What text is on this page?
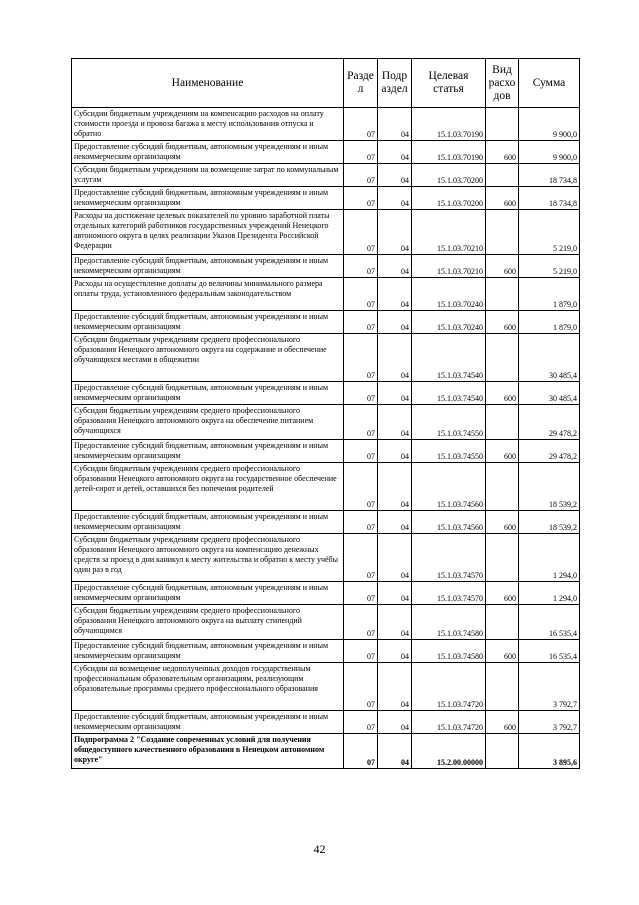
Наименование	Разде л	Подр аздел	Целевая статья	Вид расхо дов	Сумма
Субсидии бюджетным учреждениям на компенсацию расходов на оплату стоимости проезда и провоза багажа к месту использования отпуска и обратно	07	04	15.1.03.70190		9 900,0
Предоставление субсидий бюджетным, автономным учреждениям и иным некоммерческим организациям	07	04	15.1.03.70190	600	9 900,0
Субсидии бюджетным учреждениям на возмещение затрат по коммунальным услугам	07	04	15.1.03.70200		18 734,8
Предоставление субсидий бюджетным, автономным учреждениям и иным некоммерческим организациям	07	04	15.1.03.70200	600	18 734,8
Расходы на достижение целевых показателей по уровню заработной платы отдельных категорий работников государственных учреждений Ненецкого автономного округа в целях реализации Указов Президента Российской Федерации	07	04	15.1.03.70210		5 219,0
Предоставление субсидий бюджетным, автономным учреждениям и иным некоммерческим организациям	07	04	15.1.03.70210	600	5 219,0
Расходы на осуществление доплаты до величины минимального размера оплаты труда, установленного федеральным законодательством	07	04	15.1.03.70240		1 879,0
Предоставление субсидий бюджетным, автономным учреждениям и иным некоммерческим организациям	07	04	15.1.03.70240	600	1 879,0
Субсидии бюджетным учреждениям среднего профессионального образования Ненецкого автономного округа на содержание и обеспечение обучающихся местами в общежитии	07	04	15.1.03.74540		30 485,4
Предоставление субсидий бюджетным, автономным учреждениям и иным некоммерческим организациям	07	04	15.1.03.74540	600	30 485,4
Субсидии бюджетным учреждениям среднего профессионального образования Ненецкого автономного округа на обеспечение питанием обучающихся	07	04	15.1.03.74550		29 478,2
Предоставление субсидий бюджетным, автономным учреждениям и иным некоммерческим организациям	07	04	15.1.03.74550	600	29 478,2
Субсидии бюджетным учреждениям среднего профессионального образования Ненецкого автономного округа на государственное обеспечение детей-сирот и детей, оставшихся без попечения родителей	07	04	15.1.03.74560		18 539,2
Предоставление субсидий бюджетным, автономным учреждениям и иным некоммерческим организациям	07	04	15.1.03.74560	600	18 539,2
Субсидии бюджетным учреждениям среднего профессионального образования Ненецкого автономного округа на компенсацию денежных средств за проезд в дни каникул к месту жительства и обратно к месту учёбы один раз в год	07	04	15.1.03.74570		1 294,0
Предоставление субсидий бюджетным, автономным учреждениям и иным некоммерческим организациям	07	04	15.1.03.74570	600	1 294,0
Субсидии бюджетным учреждениям среднего профессионального образования Ненецкого автономного округа на выплату стипендий обучающимся	07	04	15.1.03.74580		16 535,4
Предоставление субсидий бюджетным, автономным учреждениям и иным некоммерческим организациям	07	04	15.1.03.74580	600	16 535,4
Субсидии на возмещение недополученных доходов государственным профессиональным образовательным организациям, реализующим образовательные программы среднего профессионального образования	07	04	15.1.03.74720		3 792,7
Предоставление субсидий бюджетным, автономным учреждениям и иным некоммерческим организациям	07	04	15.1.03.74720	600	3 792,7
Подпрограмма 2 "Создание современных условий для получения общедоступного качественного образования в Ненецком автономном округе"	07	04	15.2.00.00000		3 895,6
42
